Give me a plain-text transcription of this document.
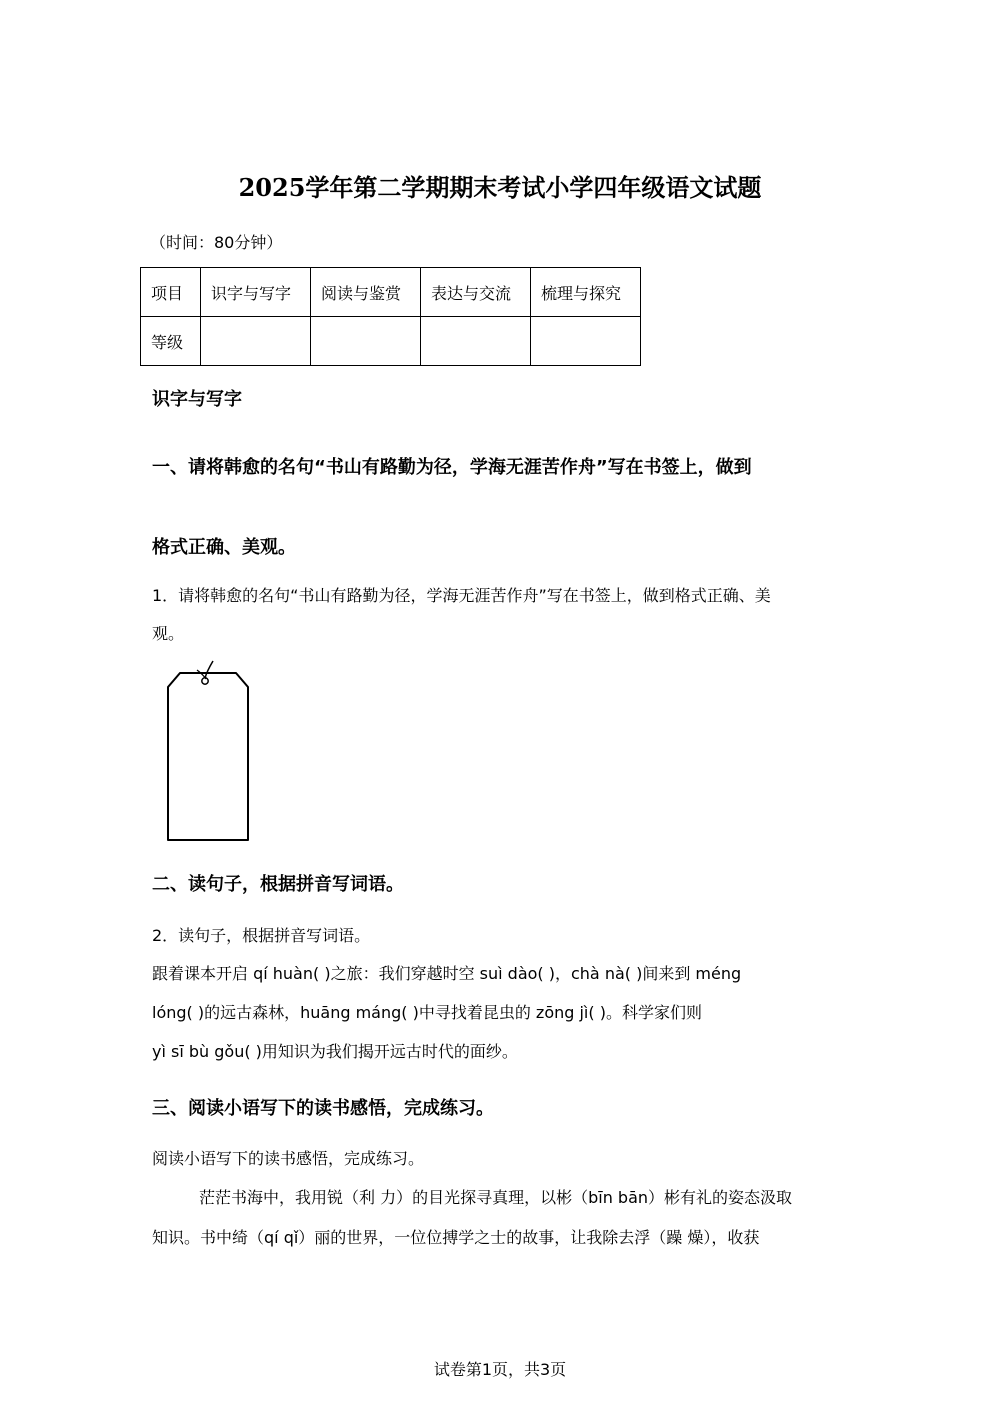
2025学年第二学期期末考试小学四年级语文试题
（时间：80分钟）
项目	识字与写字	阅读与鉴赏	表达与交流	梳理与探究
等级				
识字与写字
一、请将韩愈的名句“书山有路勤为径，学海无涯苦作舟”写在书签上，做到
格式正确、美观。
1．请将韩愈的名句“书山有路勤为径，学海无涯苦作舟”写在书签上，做到格式正确、美
观。
二、读句子，根据拼音写词语。
2．读句子，根据拼音写词语。
跟着课本开启 qí huàn( )之旅：我们穿越时空 suì dào( )，chà nà( )间来到 méng
lóng( )的远古森林，huāng máng( )中寻找着昆虫的 zōng jì( )。科学家们则
yì sī bù gǒu( )用知识为我们揭开远古时代的面纱。
三、阅读小语写下的读书感悟，完成练习。
阅读小语写下的读书感悟，完成练习。
茫茫书海中，我用锐（利 力）的目光探寻真理，以彬（bīn bān）彬有礼的姿态汲取
知识。书中绮（qí qǐ）丽的世界，一位位搏学之士的故事，让我除去浮（躁 燥），收获
试卷第1页，共3页
